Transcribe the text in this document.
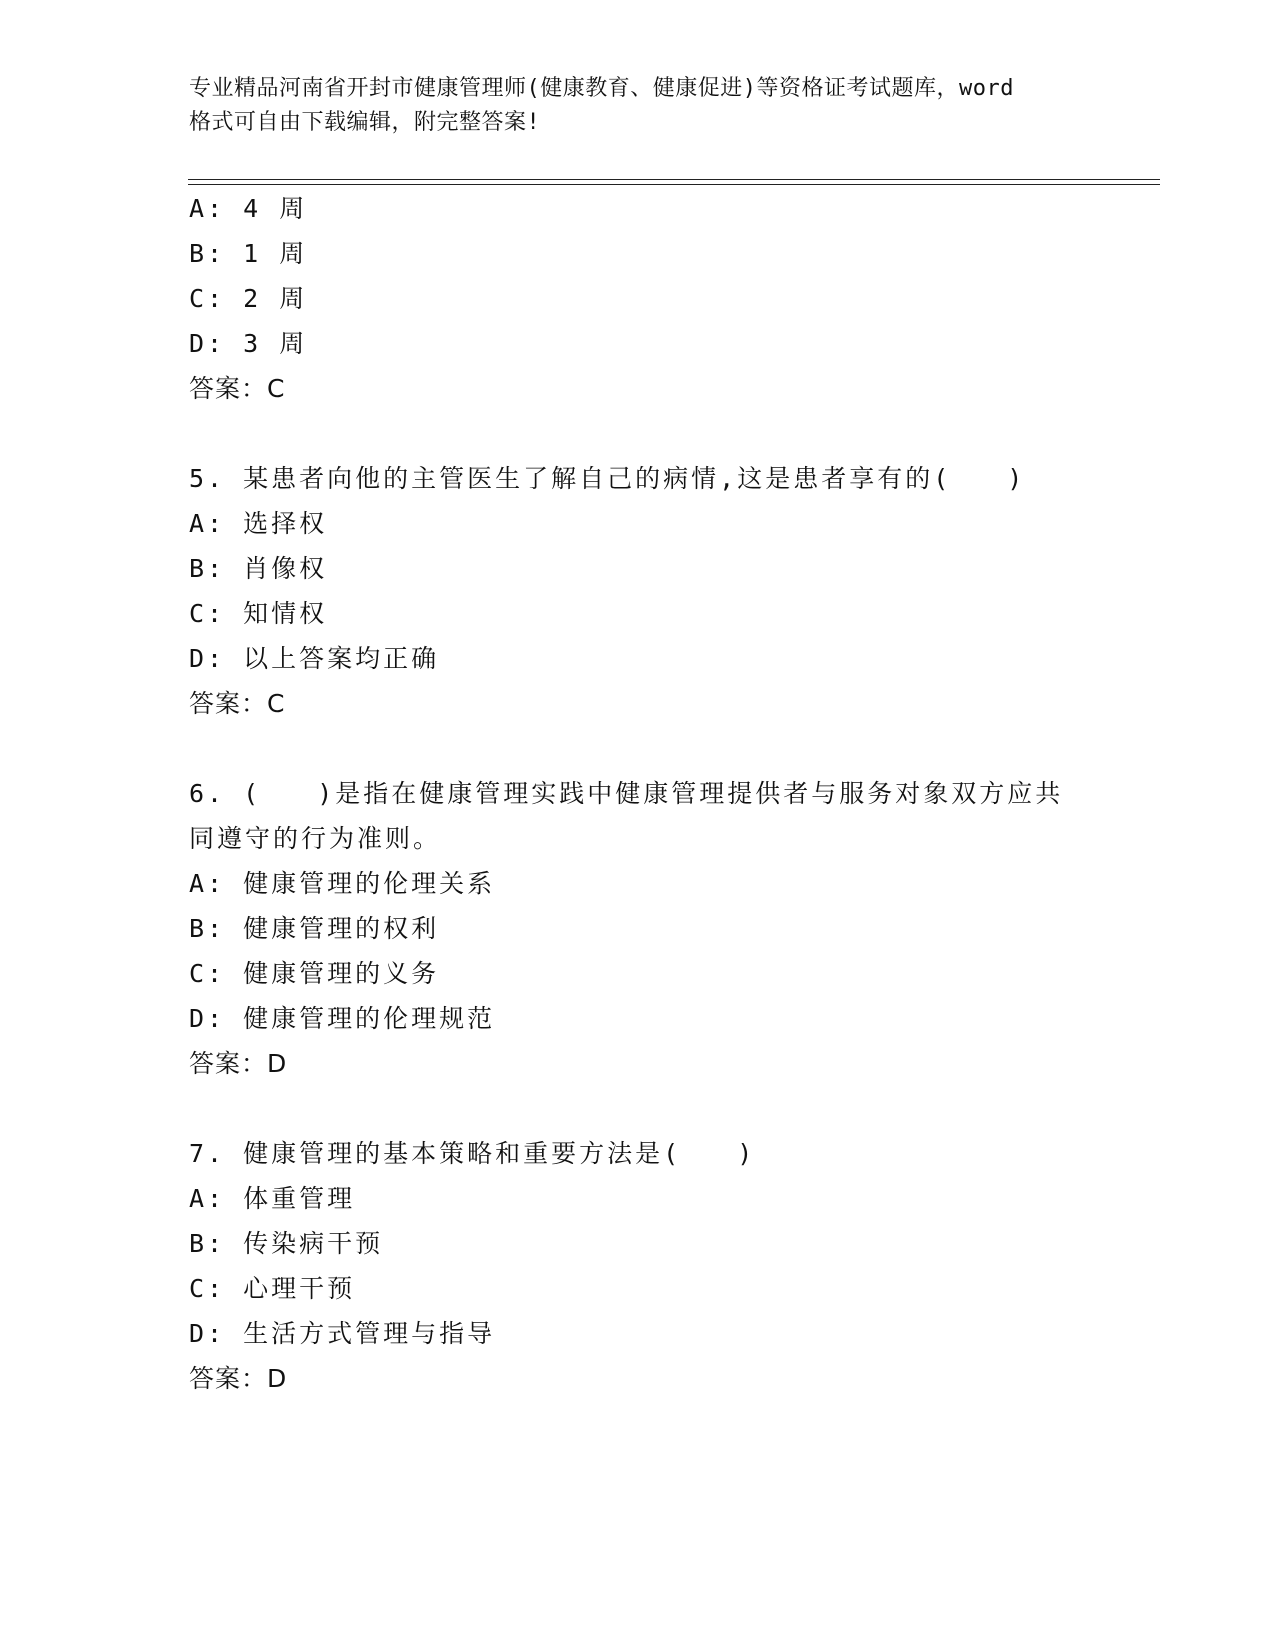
专业精品河南省开封市健康管理师(健康教育、健康促进)等资格证考试题库，word
格式可自由下载编辑，附完整答案!
A: 4 周
B: 1 周
C: 2 周
D: 3 周
答案：C
5. 某患者向他的主管医生了解自己的病情,这是患者享有的(　　)
A: 选择权
B: 肖像权
C: 知情权
D: 以上答案均正确
答案：C
6. (　　)是指在健康管理实践中健康管理提供者与服务对象双方应共
同遵守的行为准则。
A: 健康管理的伦理关系
B: 健康管理的权利
C: 健康管理的义务
D: 健康管理的伦理规范
答案：D
7. 健康管理的基本策略和重要方法是(　　)
A: 体重管理
B: 传染病干预
C: 心理干预
D: 生活方式管理与指导
答案：D
